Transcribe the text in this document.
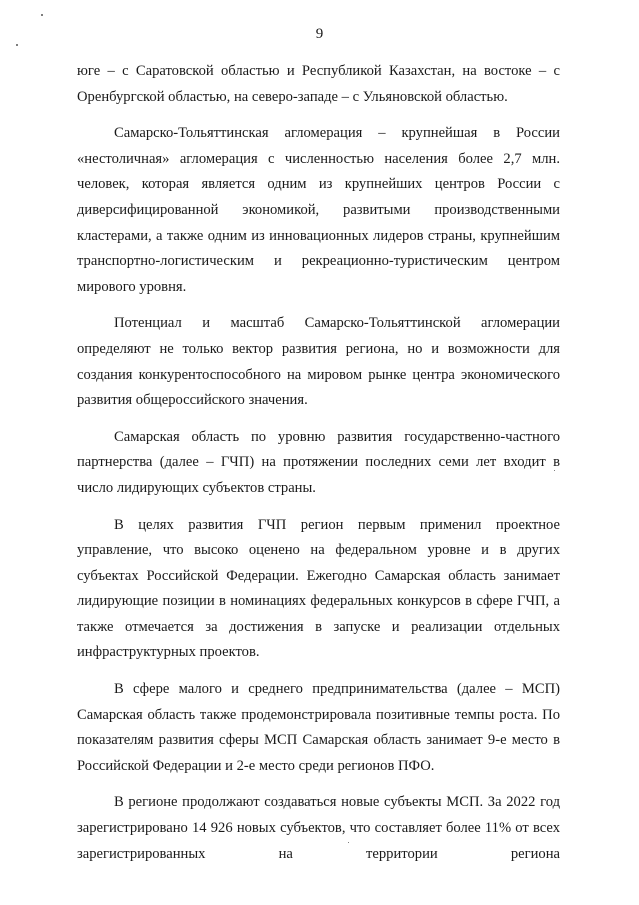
9

юге – с Саратовской областью и Республикой Казахстан, на востоке – с Оренбургской областью, на северо-западе – с Ульяновской областью.

Самарско-Тольяттинская агломерация – крупнейшая в России «нестоличная» агломерация с численностью населения более 2,7 млн. человек, которая является одним из крупнейших центров России с диверсифицированной экономикой, развитыми производственными кластерами, а также одним из инновационных лидеров страны, крупнейшим транспортно-логистическим и рекреационно-туристическим центром мирового уровня.

Потенциал и масштаб Самарско-Тольяттинской агломерации определяют не только вектор развития региона, но и возможности для создания конкурентоспособного на мировом рынке центра экономического развития общероссийского значения.

Самарская область по уровню развития государственно-частного партнерства (далее – ГЧП) на протяжении последних семи лет входит в число лидирующих субъектов страны.

В целях развития ГЧП регион первым применил проектное управление, что высоко оценено на федеральном уровне и в других субъектах Российской Федерации. Ежегодно Самарская область занимает лидирующие позиции в номинациях федеральных конкурсов в сфере ГЧП, а также отмечается за достижения в запуске и реализации отдельных инфраструктурных проектов.

В сфере малого и среднего предпринимательства (далее – МСП) Самарская область также продемонстрировала позитивные темпы роста. По показателям развития сферы МСП Самарская область занимает 9-е место в Российской Федерации и 2-е место среди регионов ПФО.

В регионе продолжают создаваться новые субъекты МСП. За 2022 год зарегистрировано 14 926 новых субъектов, что составляет более 11% от всех зарегистрированных на территории региона
